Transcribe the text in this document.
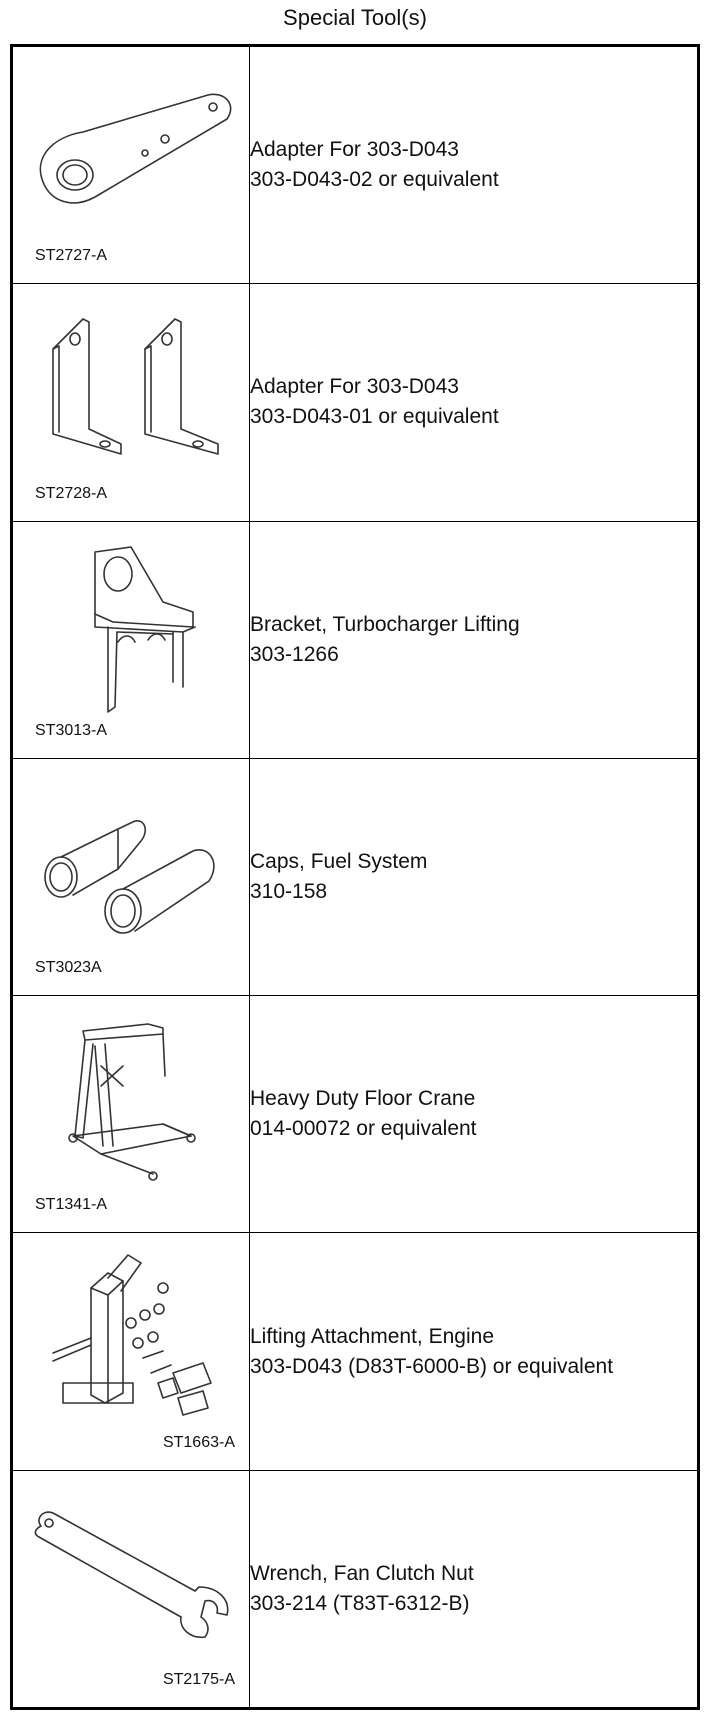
Special Tool(s)
ST2727-A	Adapter For 303-D043
303-D043-02 or equivalent

ST2728-A	Adapter For 303-D043
303-D043-01 or equivalent

ST3013-A	Bracket, Turbocharger Lifting
303-1266

ST3023A	Caps, Fuel System
310-158

ST1341-A	Heavy Duty Floor Crane
014-00072 or equivalent

ST1663-A	Lifting Attachment, Engine
303-D043 (D83T-6000-B) or equivalent

ST2175-A	Wrench, Fan Clutch Nut
303-214 (T83T-6312-B)
